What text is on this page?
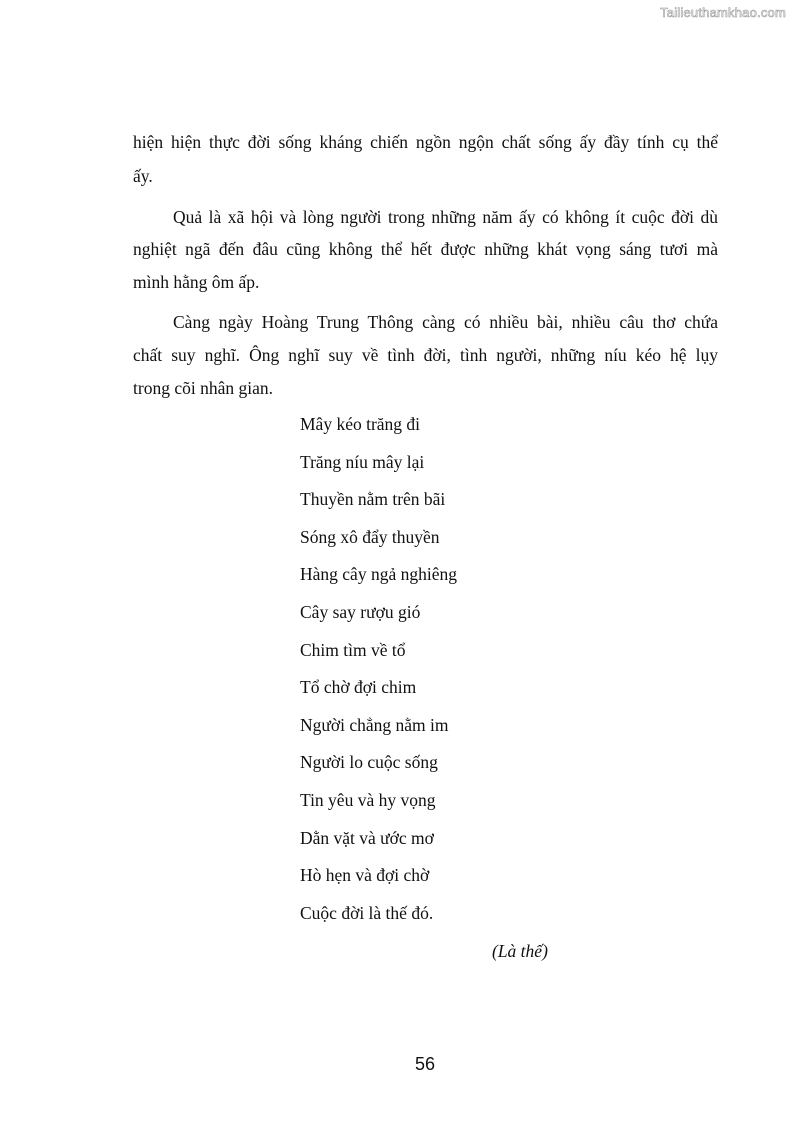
Tailieuthamkhao.com
hiện hiện thực đời sống kháng chiến ngồn ngộn chất sống ấy đầy tính cụ thể
ấy.
Quả là xã hội và lòng người trong những năm ấy có không ít cuộc đời dù
nghiệt ngã đến đâu cũng không thể hết được những khát vọng sáng tươi mà
mình hằng ôm ấp.
Càng ngày Hoàng Trung Thông càng có nhiều bài, nhiều câu thơ chứa
chất suy nghĩ. Ông nghĩ suy về tình đời, tình người, những níu kéo hệ lụy
trong cõi nhân gian.
Mây kéo trăng đi
Trăng níu mây lại
Thuyền nằm trên bãi
Sóng xô đẩy thuyền
Hàng cây ngả nghiêng
Cây say rượu gió
Chim tìm về tổ
Tổ chờ đợi chim
Người chẳng nằm im
Người lo cuộc sống
Tin yêu và hy vọng
Dằn vặt và ước mơ
Hò hẹn và đợi chờ
Cuộc đời là thế đó.
(Là thế)
56
